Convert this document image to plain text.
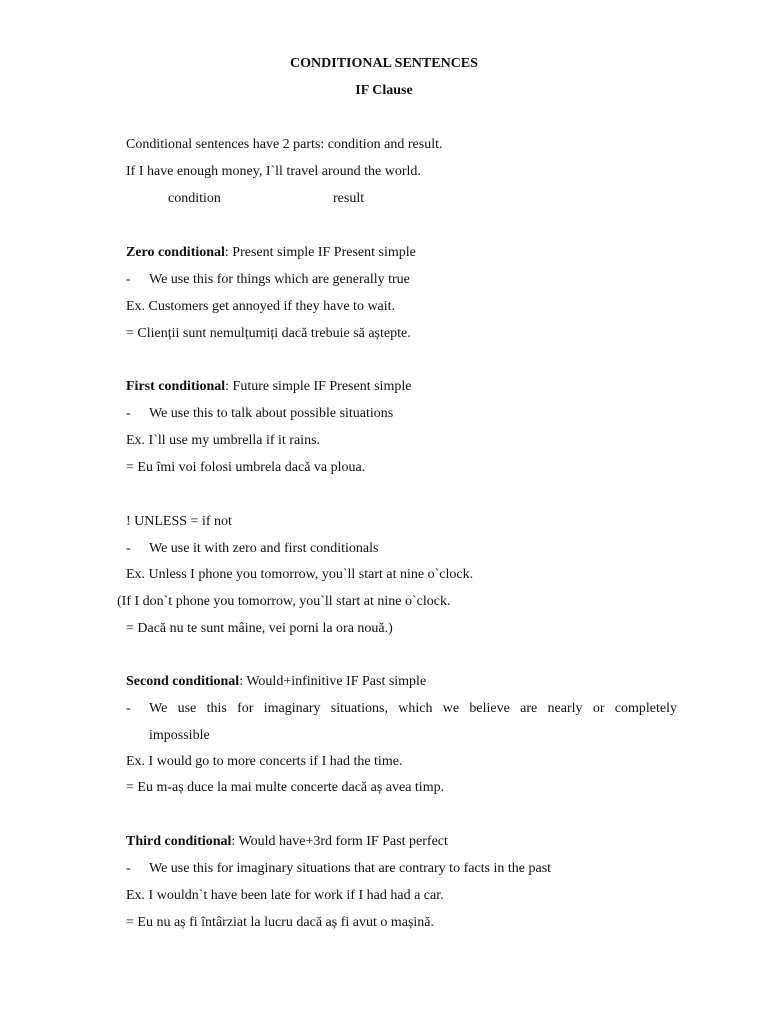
CONDITIONAL SENTENCES
IF Clause
Conditional sentences have 2 parts: condition and result.
If I have enough money, I`ll travel around the world.
condition	result
Zero conditional: Present simple IF Present simple
- We use this for things which are generally true
Ex. Customers get annoyed if they have to wait.
= Clienții sunt nemulțumiți dacă trebuie să aștepte.
First conditional: Future simple IF Present simple
- We use this to talk about possible situations
Ex. I`ll use my umbrella if it rains.
= Eu îmi voi folosi umbrela dacă va ploua.
! UNLESS = if not
- We use it with zero and first conditionals
Ex. Unless I phone you tomorrow, you`ll start at nine o`clock.
(If I don`t phone you tomorrow, you`ll start at nine o`clock.
= Dacă nu te sunt mâine, vei porni la ora nouă.)
Second conditional: Would+infinitive IF Past simple
- We use this for imaginary situations, which we believe are nearly or completely
impossible
Ex. I would go to more concerts if I had the time.
= Eu m-aș duce la mai multe concerte dacă aș avea timp.
Third conditional: Would have+3rd form IF Past perfect
- We use this for imaginary situations that are contrary to facts in the past
Ex. I wouldn`t have been late for work if I had had a car.
= Eu nu aș fi întârziat la lucru dacă aș fi avut o mașină.
